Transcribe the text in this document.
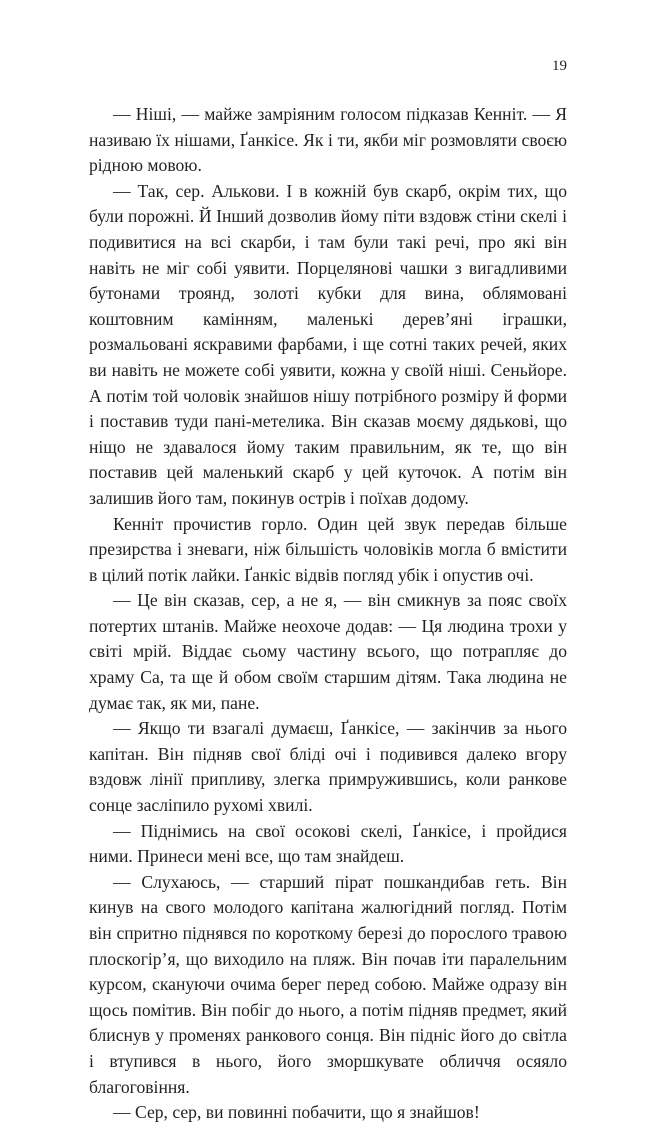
19

— Ніші, — майже замріяним голосом підказав Кенніт. — Я називаю їх нішами, Ґанкісе. Як і ти, якби міг розмовляти своєю рідною мовою.

— Так, сер. Алькови. І в кожній був скарб, окрім тих, що були порожні. Й Інший дозволив йому піти вздовж стіни скелі і подивитися на всі скарби, і там були такі речі, про які він навіть не міг собі уявити. Порцелянові чашки з вигадливими бутонами троянд, золоті кубки для вина, облямовані коштовним камінням, маленькі дерев’яні іграшки, розмальовані яскравими фарбами, і ще сотні таких речей, яких ви навіть не можете собі уявити, кожна у своїй ніші. Сеньйоре. А потім той чоловік знайшов нішу потрібного розміру й форми і поставив туди пані-метелика. Він сказав моєму дядькові, що ніщо не здавалося йому таким правильним, як те, що він поставив цей маленький скарб у цей куточок. А потім він залишив його там, покинув острів і поїхав додому.

Кенніт прочистив горло. Один цей звук передав більше презирства і зневаги, ніж більшість чоловіків могла б вмістити в цілий потік лайки. Ґанкіс відвів погляд убік і опустив очі.

— Це він сказав, сер, а не я, — він смикнув за пояс своїх потертих штанів. Майже неохоче додав: — Ця людина трохи у світі мрій. Віддає сьому частину всього, що потрапляє до храму Са, та ще й обом своїм старшим дітям. Така людина не думає так, як ми, пане.

— Якщо ти взагалі думаєш, Ґанкісе, — закінчив за нього капітан. Він підняв свої бліді очі і подивився далеко вгору вздовж лінії припливу, злегка примружившись, коли ранкове сонце засліпило рухомі хвилі.

— Піднімись на свої осокові скелі, Ґанкісе, і пройдися ними. Принеси мені все, що там знайдеш.

— Слухаюсь, — старший пірат пошкандибав геть. Він кинув на свого молодого капітана жалюгідний погляд. Потім він спритно піднявся по короткому березі до порослого травою плоскогір’я, що виходило на пляж. Він почав іти паралельним курсом, скануючи очима берег перед собою. Майже одразу він щось помітив. Він побіг до нього, а потім підняв предмет, який блиснув у променях ранкового сонця. Він підніс його до світла і втупився в нього, його зморшкувате обличчя осяяло благоговіння.

— Сер, сер, ви повинні побачити, що я знайшов!
